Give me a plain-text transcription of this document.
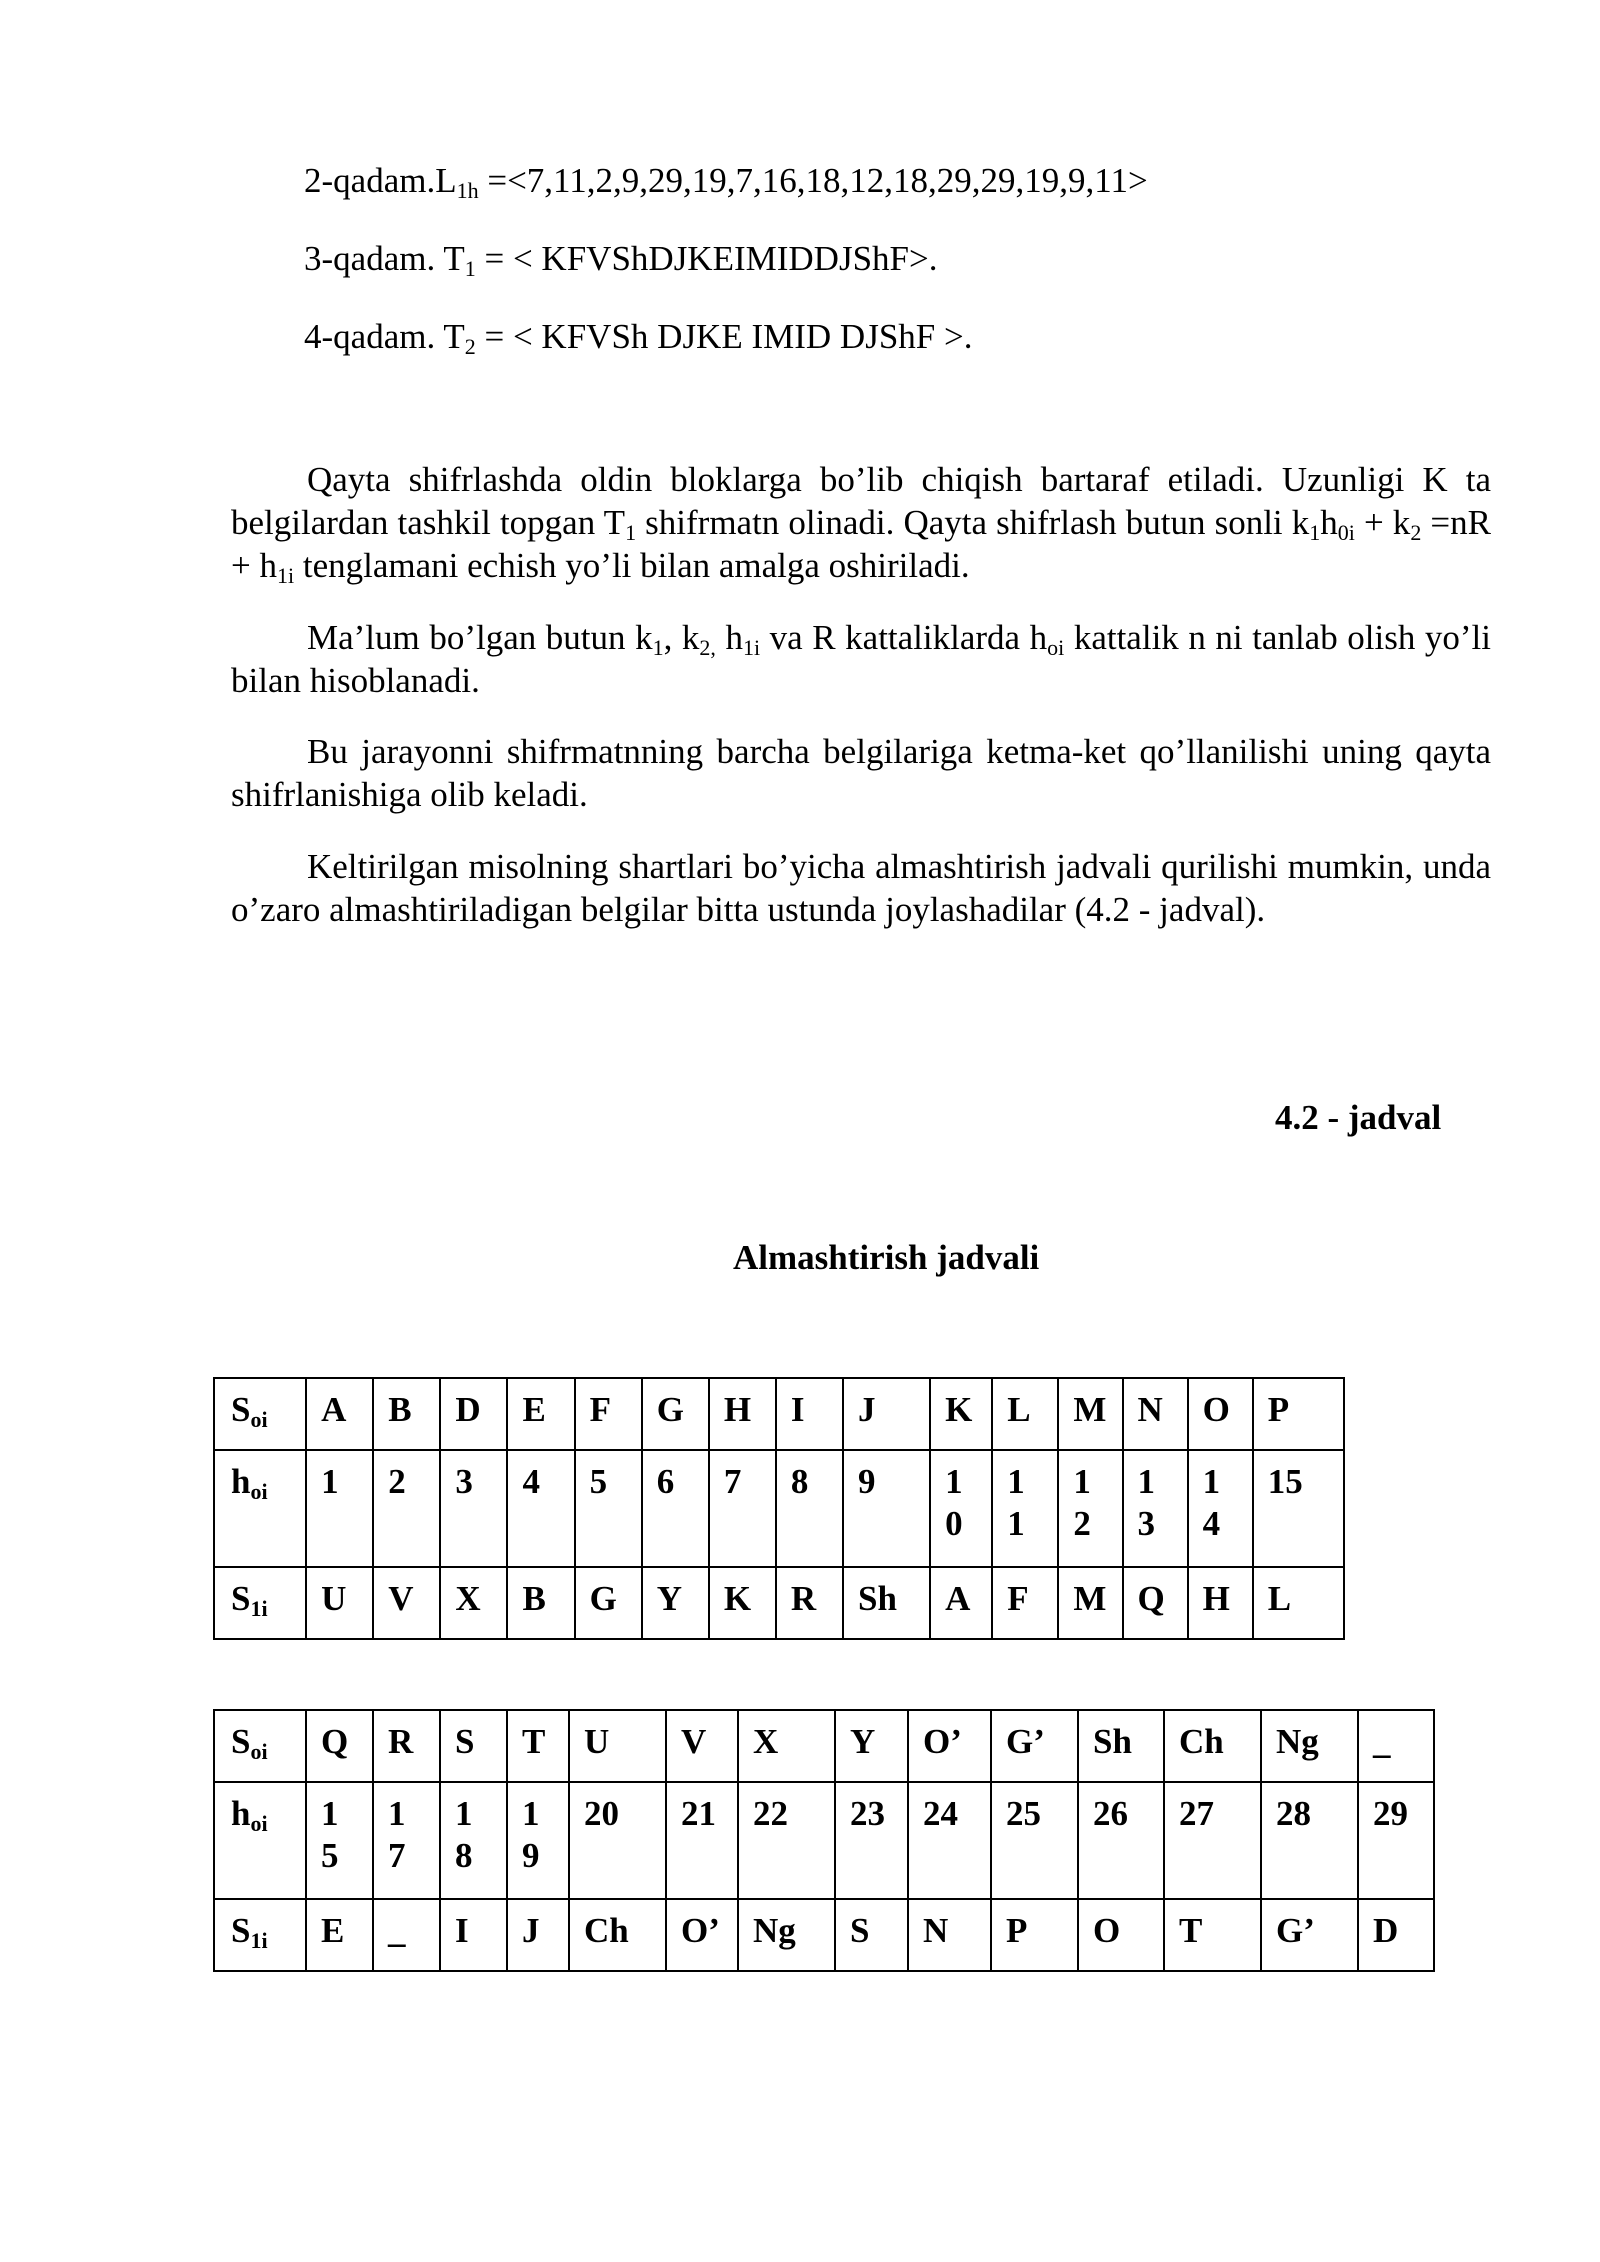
$2-qadam.L_{1h} =<7,11,2,9,29,19,7,16,18,12,18,29,29,19,9,11>$
3-qadam. $T_1$ = < KFVShDJKEIMIDDJShF>.
4-qadam. $T_2$ = < KFVSh DJKE IMID DJShF >.
Qayta shifrlashda oldin bloklarga bo’lib chiqish bartaraf etiladi. Uzunligi K ta belgilardan tashkil topgan $T_1$ shifrmatn olinadi. Qayta shifrlash butun sonli $k_1h_{0i} + k_2 =nR + h_{1i}$ tenglamani echish yo’li bilan amalga oshiriladi.
Ma’lum bo’lgan butun $k_1$, $k_{2,}$ $h_{1i}$ va R kattaliklarda $h_{oi}$ kattalik n ni tanlab olish yo’li bilan hisoblanadi.
Bu jarayonni shifrmatnning barcha belgilariga ketma-ket qo’llanilishi uning qayta shifrlanishiga olib keladi.
Keltirilgan misolning shartlari bo’yicha almashtirish jadvali qurilishi mumkin, unda o’zaro almashtiriladigan belgilar bitta ustunda joylashadilar (4.2 - jadval).
4.2 - jadval
Almashtirish jadvali
$S_{oi}$	A	B	D	E	F	G	H	I	J	K	L	M	N	O	P
$h_{oi}$	1	2	3	4	5	6	7	8	9	10	11	12	13	14	15
$S_{1i}$	U	V	X	B	G	Y	K	R	Sh	A	F	M	Q	H	L
$S_{oi}$	Q	R	S	T	U	V	X	Y	O’	G’	Sh	Ch	Ng	_
$h_{oi}$	15	17	18	19	20	21	22	23	24	25	26	27	28	29
$S_{1i}$	E	_	I	J	Ch	O’	Ng	S	N	P	O	T	G’	D
